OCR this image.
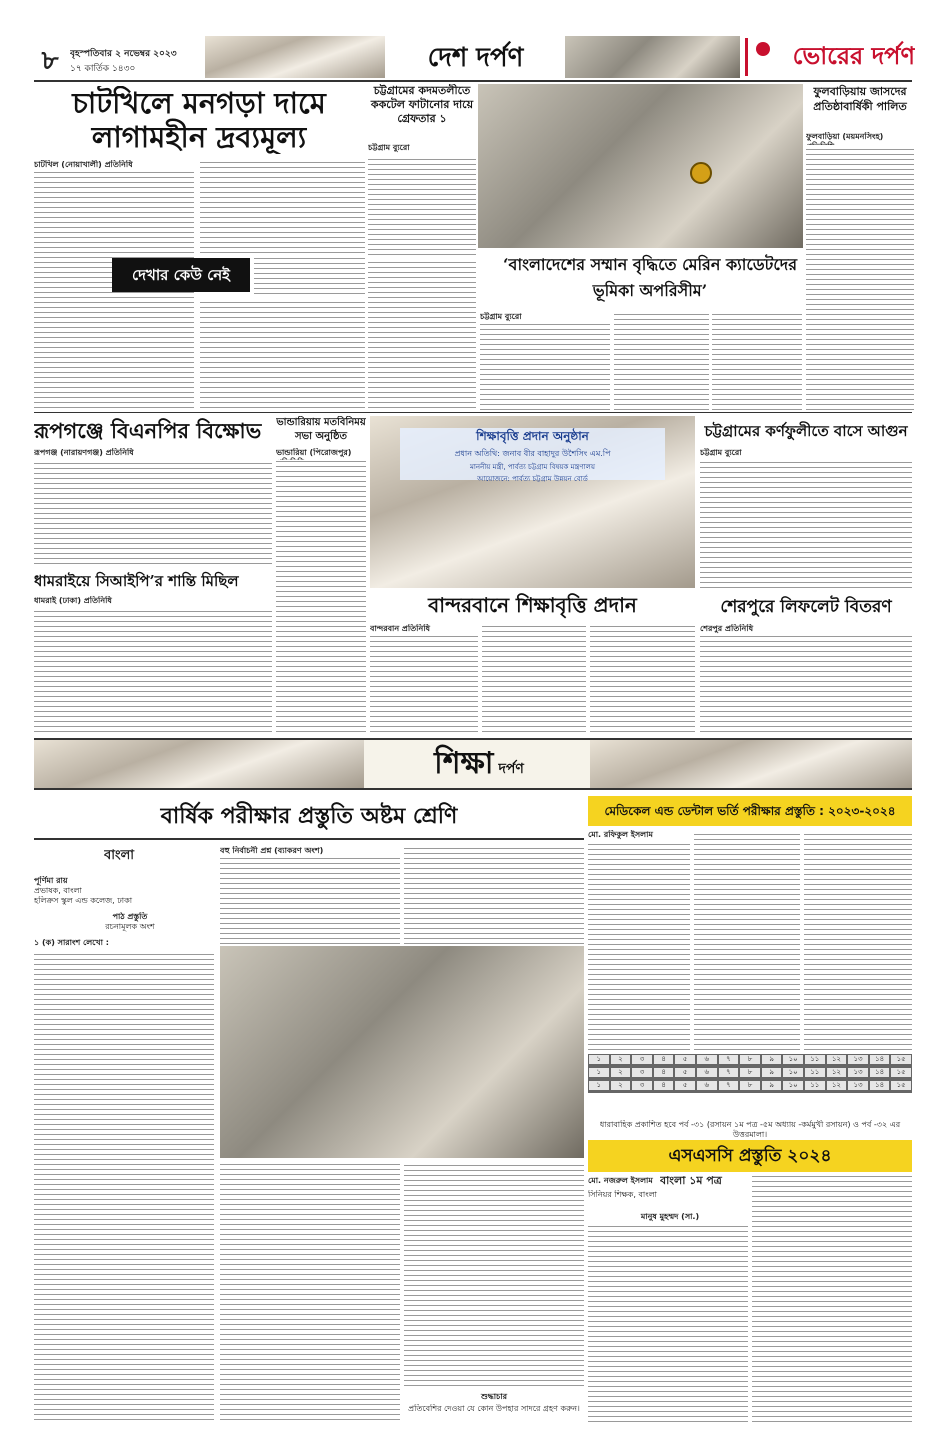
৮	বৃহস্পতিবার ২ নভেম্বর ২০২৩
১৭ কার্তিক ১৪৩০	দেশ দর্পণ	ভোরের দর্পণ
চাটখিলে মনগড়া দামে লাগামহীন দ্রব্যমূল্য
চাটখিল (নোয়াখালী) প্রতিনিধি
দেখার কেউ নেই
চট্টগ্রামের কদমতলীতে ককটেল ফাটানোর দায়ে গ্রেফতার ১
চট্টগ্রাম ব্যুরো
ফুলবাড়িয়ায় জাসদের প্রতিষ্ঠাবার্ষিকী পালিত
ফুলবাড়িয়া (ময়মনসিংহ)
‘বাংলাদেশের সম্মান বৃদ্ধিতে মেরিন ক্যাডেটদের ভূমিকা অপরিসীম’
চট্টগ্রাম ব্যুরো
রূপগঞ্জে বিএনপির বিক্ষোভ
রূপগঞ্জ (নারায়ণগঞ্জ) প্রতিনিধি
ভান্ডারিয়ায় মতবিনিময় সভা অনুষ্ঠিত
ভান্ডারিয়া (পিরোজপুর)
শিক্ষাবৃত্তি প্রদান অনুষ্ঠান
প্রধান অতিথি: জনাব বীর বাহাদুর উশৈসিং এম.পি
মাননীয় মন্ত্রী, পার্বত্য চট্টগ্রাম বিষয়ক মন্ত্রণালয়
আয়োজনে: পার্বত্য চট্টগ্রাম উন্নয়ন বোর্ড
চট্টগ্রামের কর্ণফুলীতে বাসে আগুন
চট্টগ্রাম ব্যুরো
ধামরাইয়ে সিআইপি’র শান্তি মিছিল
ধামরাই (ঢাকা) প্রতিনিধি	বান্দরবানে শিক্ষাবৃত্তি প্রদান
বান্দরবান প্রতিনিধি
শেরপুরে লিফলেট বিতরণ
শেরপুর প্রতিনিধি
শিক্ষা দর্পণ
বার্ষিক পরীক্ষার প্রস্তুতি অষ্টম শ্রেণি
বাংলা
পূর্ণিমা রায়
প্রভাষক, বাংলা
হলিক্রস স্কুল এন্ড কলেজ, ঢাকা
পাঠ প্রস্তুতি
রচনামূলক অংশ
১ (ক) সারাংশ লেখো :
বহু নির্বাচনী প্রশ্ন (ব্যাকরণ অংশ)
শুদ্ধাচার
প্রতিবেশির দেওয়া যে কোন উপহার সাদরে গ্রহণ করুন।
মেডিকেল এন্ড ডেন্টাল ভর্তি পরীক্ষার প্রস্তুতি : ২০২৩-২০২৪
মো. রফিকুল ইসলাম
১	২	৩	৪	৫	৬	৭	৮	৯	১০	১১	১২	১৩	১৪	১৫
১	২	৩	৪	৫	৬	৭	৮	৯	১০	১১	১২	১৩	১৪	১৫
১	২	৩	৪	৫	৬	৭	৮	৯	১০	১১	১২	১৩	১৪	১৫
ধারাবাহিক প্রকাশিত হবে পর্ব -৩১ (রসায়ন ১ম পত্র -৫ম অধ্যায় -কর্মমুখী রসায়ন) ও পর্ব -৩২ এর উত্তরমালা।
এসএসসি প্রস্তুতি ২০২৪
মো. নজরুল ইসলাম বাংলা ১ম পত্র
সিনিয়র শিক্ষক, বাংলা
মানুষ মুহম্মদ (সা.)
